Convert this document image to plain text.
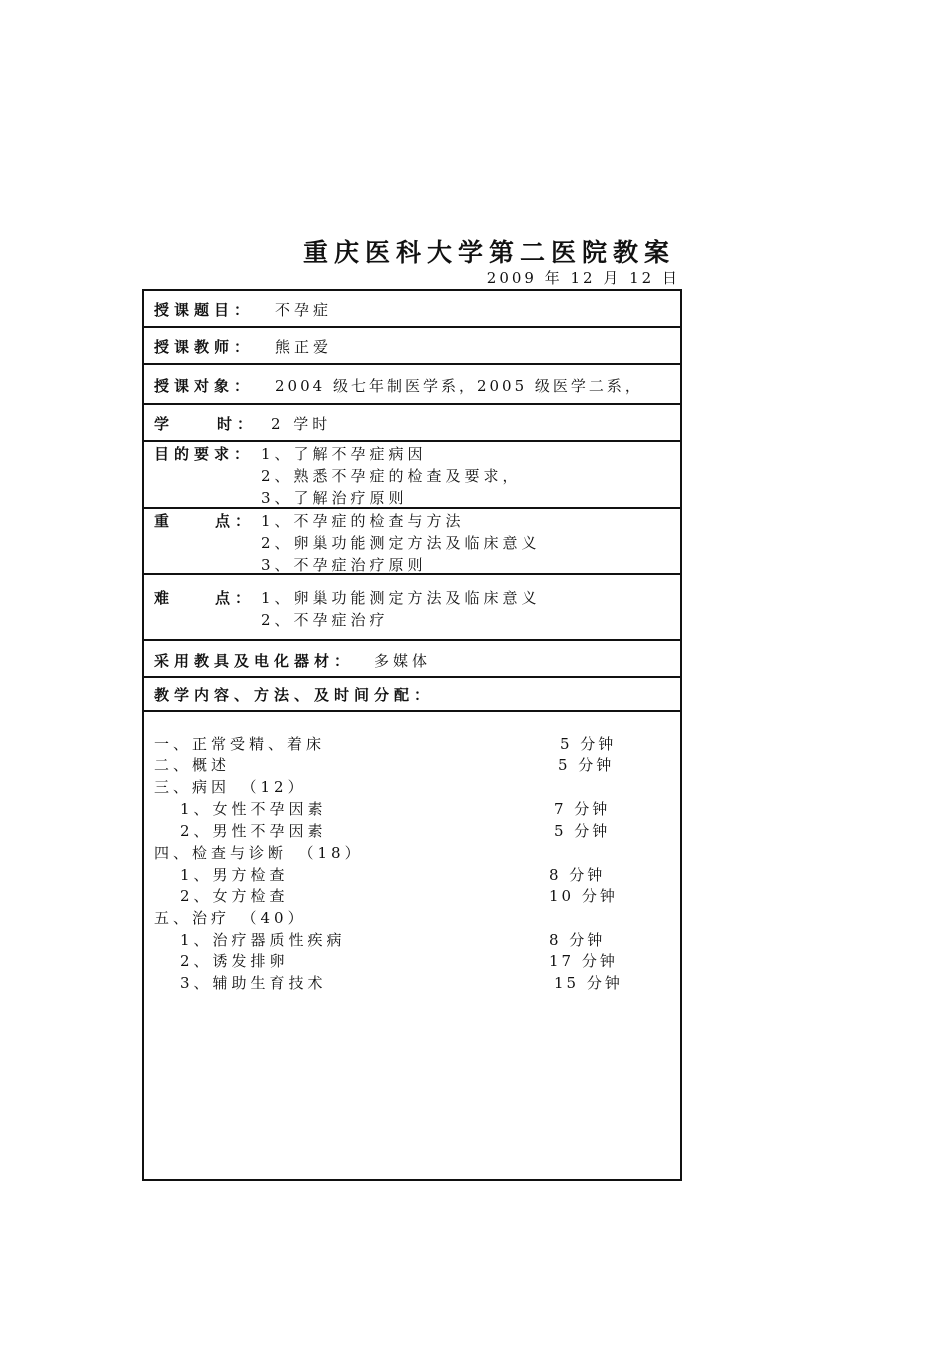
重庆医科大学第二医院教案
2009 年 12 月 12 日
授课题目： 不孕症
授课教师： 熊正爱
授课对象： 2004 级七年制医学系，2005 级医学二系，
学	时： 2 学时
目的要求： 1、了解不孕症病因
2、熟悉不孕症的检查及要求，
3、了解治疗原则
重	点： 1、不孕症的检查与方法
2、卵巢功能测定方法及临床意义
3、不孕症治疗原则
难	点： 1、卵巢功能测定方法及临床意义
2、不孕症治疗
采用教具及电化器材： 多媒体
教学内容、方法、及时间分配：
一、正常受精、着床	5 分钟
二、概述	5 分钟
三、病因　（12）
1、女性不孕因素	7 分钟
2、男性不孕因素	5 分钟
四、检查与诊断　（18）
1、男方检查	8 分钟
2、女方检查	10 分钟
五、治疗　（40）
1、治疗器质性疾病	8 分钟
2、诱发排卵	17 分钟
3、辅助生育技术	15 分钟
